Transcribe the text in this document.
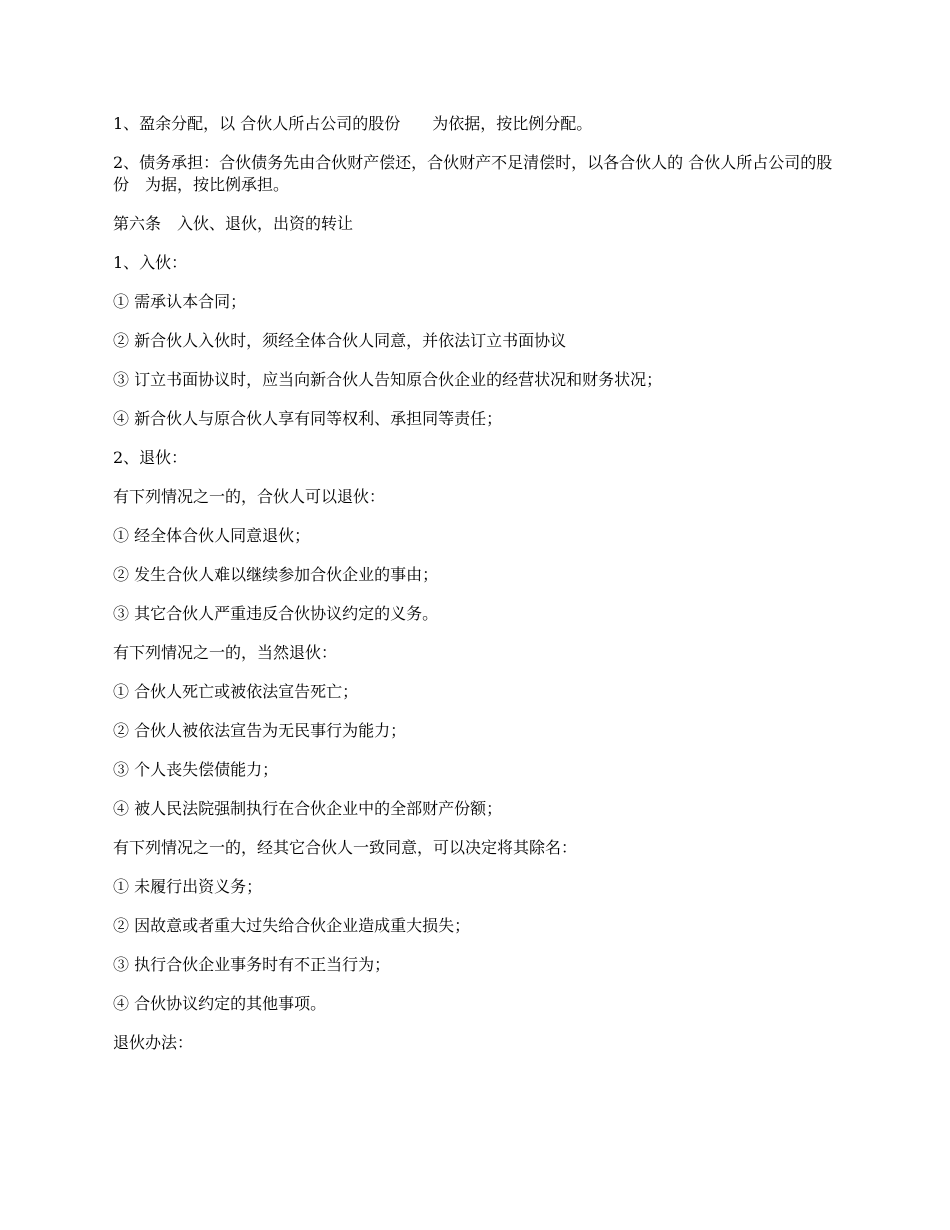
1、盈余分配，以 合伙人所占公司的股份　　为依据，按比例分配。

2、债务承担：合伙债务先由合伙财产偿还，合伙财产不足清偿时，以各合伙人的 合伙人所占公司的股份　为据，按比例承担。

第六条　入伙、退伙，出资的转让

1、入伙：

① 需承认本合同；

② 新合伙人入伙时，须经全体合伙人同意，并依法订立书面协议

③ 订立书面协议时，应当向新合伙人告知原合伙企业的经营状况和财务状况；

④ 新合伙人与原合伙人享有同等权利、承担同等责任；

2、退伙：

有下列情况之一的，合伙人可以退伙：

① 经全体合伙人同意退伙；

② 发生合伙人难以继续参加合伙企业的事由；

③ 其它合伙人严重违反合伙协议约定的义务。

有下列情况之一的，当然退伙：

① 合伙人死亡或被依法宣告死亡；

② 合伙人被依法宣告为无民事行为能力；

③ 个人丧失偿债能力；

④ 被人民法院强制执行在合伙企业中的全部财产份额；

有下列情况之一的，经其它合伙人一致同意，可以决定将其除名：

① 未履行出资义务；

② 因故意或者重大过失给合伙企业造成重大损失；

③ 执行合伙企业事务时有不正当行为；

④ 合伙协议约定的其他事项。

退伙办法：
